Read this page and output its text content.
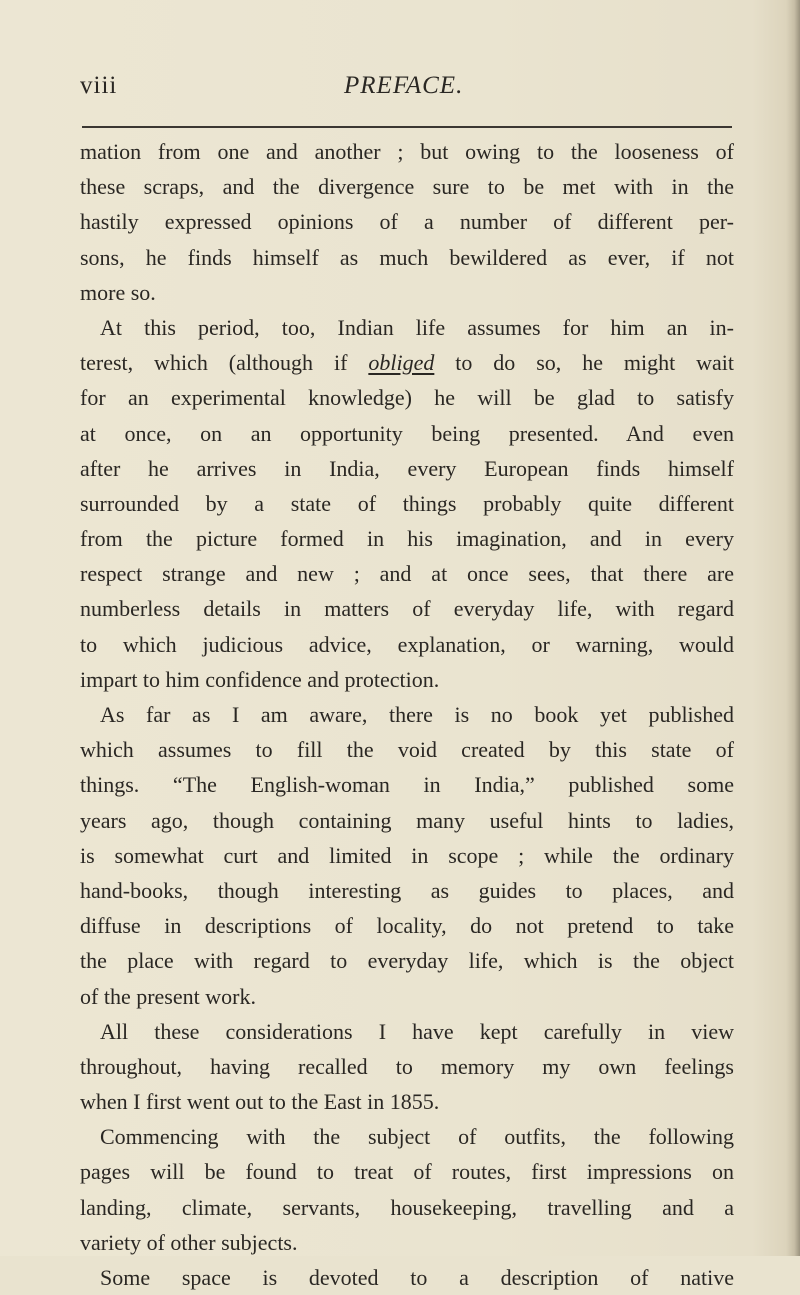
viii	PREFACE.
mation from one and another ; but owing to the looseness of
these scraps, and the divergence sure to be met with in the
hastily expressed opinions of a number of different per-
sons, he finds himself as much bewildered as ever, if not
more so.
At this period, too, Indian life assumes for him an in-
terest, which (although if obliged to do so, he might wait
for an experimental knowledge) he will be glad to satisfy
at once, on an opportunity being presented. And even
after he arrives in India, every European finds himself
surrounded by a state of things probably quite different
from the picture formed in his imagination, and in every
respect strange and new ; and at once sees, that there are
numberless details in matters of everyday life, with regard
to which judicious advice, explanation, or warning, would
impart to him confidence and protection.
As far as I am aware, there is no book yet published
which assumes to fill the void created by this state of
things. “The English-woman in India,” published some
years ago, though containing many useful hints to ladies,
is somewhat curt and limited in scope ; while the ordinary
hand-books, though interesting as guides to places, and
diffuse in descriptions of locality, do not pretend to take
the place with regard to everyday life, which is the object
of the present work.
All these considerations I have kept carefully in view
throughout, having recalled to memory my own feelings
when I first went out to the East in 1855.
Commencing with the subject of outfits, the following
pages will be found to treat of routes, first impressions on
landing, climate, servants, housekeeping, travelling and a
variety of other subjects.
Some space is devoted to a description of native
